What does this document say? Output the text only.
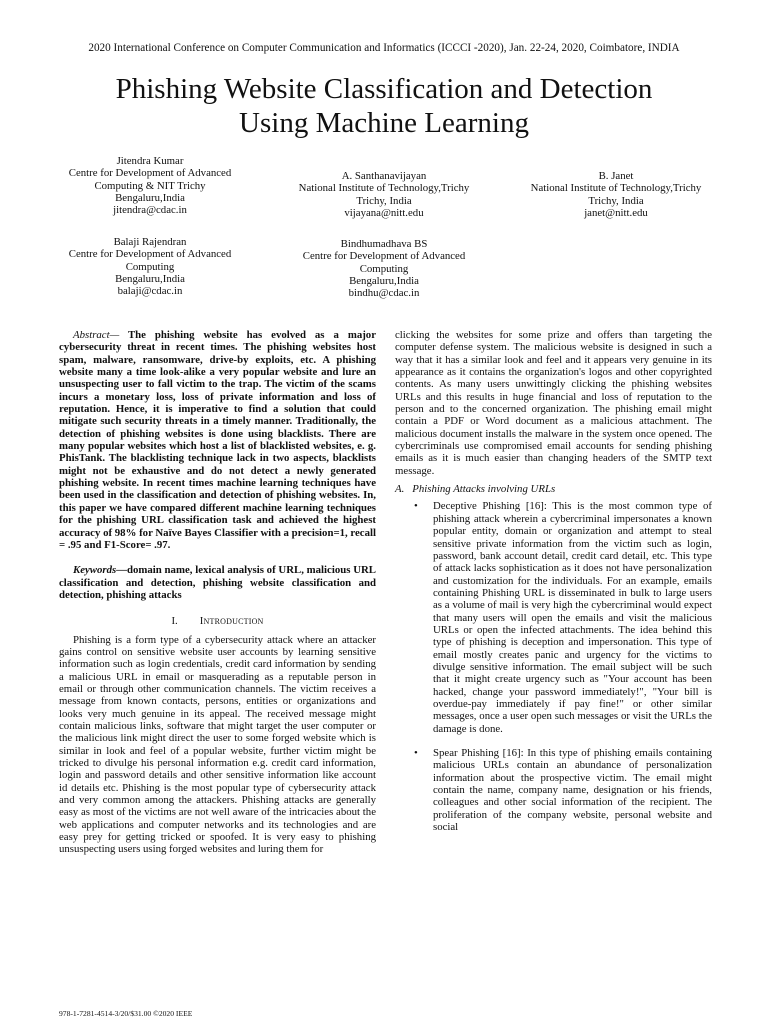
2020 International Conference on Computer Communication and Informatics (ICCCI -2020), Jan. 22-24, 2020, Coimbatore, INDIA
Phishing Website Classification and Detection
Using Machine Learning
Jitendra Kumar
Centre for Development of Advanced
Computing & NIT Trichy
Bengaluru,India
jitendra@cdac.in
A. Santhanavijayan
National Institute of Technology,Trichy
Trichy, India
vijayana@nitt.edu
B. Janet
National Institute of Technology,Trichy
Trichy, India
janet@nitt.edu
Balaji Rajendran
Centre for Development of Advanced
Computing
Bengaluru,India
balaji@cdac.in
Bindhumadhava BS
Centre for Development of Advanced
Computing
Bengaluru,India
bindhu@cdac.in

Abstract— The phishing website has evolved as a major cybersecurity threat in recent times. The phishing websites host spam, malware, ransomware, drive-by exploits, etc. A phishing website many a time look-alike a very popular website and lure an unsuspecting user to fall victim to the trap. The victim of the scams incurs a monetary loss, loss of private information and loss of reputation. Hence, it is imperative to find a solution that could mitigate such security threats in a timely manner. Traditionally, the detection of phishing websites is done using blacklists. There are many popular websites which host a list of blacklisted websites, e. g. PhisTank. The blacklisting technique lack in two aspects, blacklists might not be exhaustive and do not detect a newly generated phishing website. In recent times machine learning techniques have been used in the classification and detection of phishing websites. In, this paper we have compared different machine learning techniques for the phishing URL classification task and achieved the highest accuracy of 98% for Naïve Bayes Classifier with a precision=1, recall = .95 and F1-Score= .97.

Keywords—domain name, lexical analysis of URL, malicious URL classification and detection, phishing website classification and detection, phishing attacks

I. Introduction

Phishing is a form type of a cybersecurity attack where an attacker gains control on sensitive website user accounts by learning sensitive information such as login credentials, credit card information by sending a malicious URL in email or masquerading as a reputable person in email or through other communication channels. The victim receives a message from known contacts, persons, entities or organizations and looks very much genuine in its appeal. The received message might contain malicious links, software that might target the user computer or the malicious link might direct the user to some forged website which is similar in look and feel of a popular website, further victim might be tricked to divulge his personal information e.g. credit card information, login and password details and other sensitive information like account id details etc. Phishing is the most popular type of cybersecurity attack and very common among the attackers. Phishing attacks are generally easy as most of the victims are not well aware of the intricacies about the web applications and computer networks and its technologies and are easy prey for getting tricked or spoofed. It is very easy to phishing unsuspecting users using forged websites and luring them for

clicking the websites for some prize and offers than targeting the computer defense system. The malicious website is designed in such a way that it has a similar look and feel and it appears very genuine in its appearance as it contains the organization's logos and other copyrighted contents. As many users unwittingly clicking the phishing websites URLs and this results in huge financial and loss of reputation to the person and to the concerned organization. The phishing email might contain a PDF or Word document as a malicious attachment. The malicious document installs the malware in the system once opened. The cybercriminals use compromised email accounts for sending phishing emails as it is much easier than changing headers of the SMTP text message.

A. Phishing Attacks involving URLs

• Deceptive Phishing [16]: This is the most common type of phishing attack wherein a cybercriminal impersonates a known popular entity, domain or organization and attempt to steal sensitive private information from the victim such as login, password, bank account detail, credit card detail, etc. This type of attack lacks sophistication as it does not have personalization and customization for the individuals. For an example, emails containing Phishing URL is disseminated in bulk to large users as a volume of mail is very high the cybercriminal would expect that many users will open the emails and visit the malicious URLs or open the infected attachments. The idea behind this type of phishing is deception and impersonation. This type of email mostly creates panic and urgency for the victims to divulge sensitive information. The email subject will be such that it might create urgency such as "Your account has been hacked, change your password immediately!", "Your bill is overdue-pay immediately if pay fine!" or other similar messages, once a user open such messages or visit the URLs the damage is done.
• Spear Phishing [16]: In this type of phishing emails containing malicious URLs contain an abundance of personalization information about the prospective victim. The email might contain the name, company name, designation or his friends, colleagues and other social information of the recipient. The proliferation of the company website, personal website and social
978-1-7281-4514-3/20/$31.00 ©2020 IEEE
